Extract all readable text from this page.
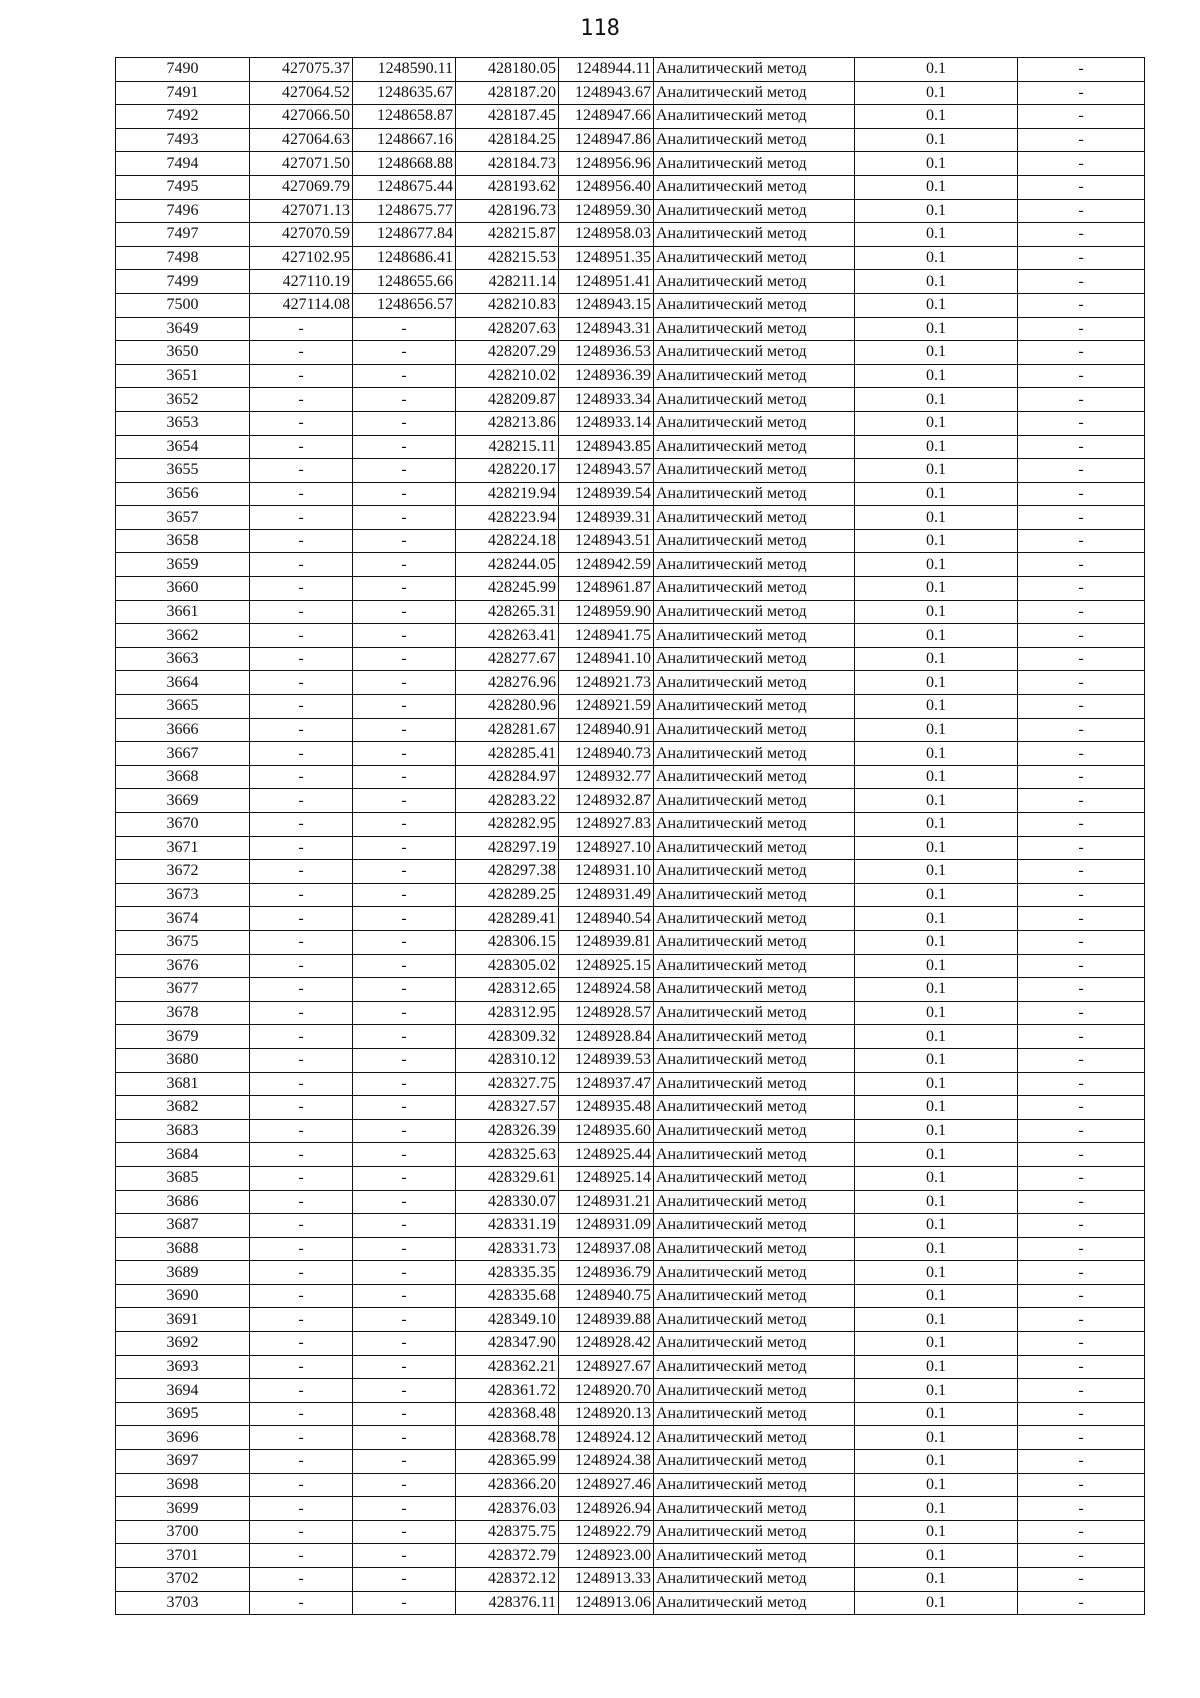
118
7490	427075.37	1248590.11	428180.05	1248944.11	Аналитический метод	0.1	-
7491	427064.52	1248635.67	428187.20	1248943.67	Аналитический метод	0.1	-
7492	427066.50	1248658.87	428187.45	1248947.66	Аналитический метод	0.1	-
7493	427064.63	1248667.16	428184.25	1248947.86	Аналитический метод	0.1	-
7494	427071.50	1248668.88	428184.73	1248956.96	Аналитический метод	0.1	-
7495	427069.79	1248675.44	428193.62	1248956.40	Аналитический метод	0.1	-
7496	427071.13	1248675.77	428196.73	1248959.30	Аналитический метод	0.1	-
7497	427070.59	1248677.84	428215.87	1248958.03	Аналитический метод	0.1	-
7498	427102.95	1248686.41	428215.53	1248951.35	Аналитический метод	0.1	-
7499	427110.19	1248655.66	428211.14	1248951.41	Аналитический метод	0.1	-
7500	427114.08	1248656.57	428210.83	1248943.15	Аналитический метод	0.1	-
3649	-	-	428207.63	1248943.31	Аналитический метод	0.1	-
3650	-	-	428207.29	1248936.53	Аналитический метод	0.1	-
3651	-	-	428210.02	1248936.39	Аналитический метод	0.1	-
3652	-	-	428209.87	1248933.34	Аналитический метод	0.1	-
3653	-	-	428213.86	1248933.14	Аналитический метод	0.1	-
3654	-	-	428215.11	1248943.85	Аналитический метод	0.1	-
3655	-	-	428220.17	1248943.57	Аналитический метод	0.1	-
3656	-	-	428219.94	1248939.54	Аналитический метод	0.1	-
3657	-	-	428223.94	1248939.31	Аналитический метод	0.1	-
3658	-	-	428224.18	1248943.51	Аналитический метод	0.1	-
3659	-	-	428244.05	1248942.59	Аналитический метод	0.1	-
3660	-	-	428245.99	1248961.87	Аналитический метод	0.1	-
3661	-	-	428265.31	1248959.90	Аналитический метод	0.1	-
3662	-	-	428263.41	1248941.75	Аналитический метод	0.1	-
3663	-	-	428277.67	1248941.10	Аналитический метод	0.1	-
3664	-	-	428276.96	1248921.73	Аналитический метод	0.1	-
3665	-	-	428280.96	1248921.59	Аналитический метод	0.1	-
3666	-	-	428281.67	1248940.91	Аналитический метод	0.1	-
3667	-	-	428285.41	1248940.73	Аналитический метод	0.1	-
3668	-	-	428284.97	1248932.77	Аналитический метод	0.1	-
3669	-	-	428283.22	1248932.87	Аналитический метод	0.1	-
3670	-	-	428282.95	1248927.83	Аналитический метод	0.1	-
3671	-	-	428297.19	1248927.10	Аналитический метод	0.1	-
3672	-	-	428297.38	1248931.10	Аналитический метод	0.1	-
3673	-	-	428289.25	1248931.49	Аналитический метод	0.1	-
3674	-	-	428289.41	1248940.54	Аналитический метод	0.1	-
3675	-	-	428306.15	1248939.81	Аналитический метод	0.1	-
3676	-	-	428305.02	1248925.15	Аналитический метод	0.1	-
3677	-	-	428312.65	1248924.58	Аналитический метод	0.1	-
3678	-	-	428312.95	1248928.57	Аналитический метод	0.1	-
3679	-	-	428309.32	1248928.84	Аналитический метод	0.1	-
3680	-	-	428310.12	1248939.53	Аналитический метод	0.1	-
3681	-	-	428327.75	1248937.47	Аналитический метод	0.1	-
3682	-	-	428327.57	1248935.48	Аналитический метод	0.1	-
3683	-	-	428326.39	1248935.60	Аналитический метод	0.1	-
3684	-	-	428325.63	1248925.44	Аналитический метод	0.1	-
3685	-	-	428329.61	1248925.14	Аналитический метод	0.1	-
3686	-	-	428330.07	1248931.21	Аналитический метод	0.1	-
3687	-	-	428331.19	1248931.09	Аналитический метод	0.1	-
3688	-	-	428331.73	1248937.08	Аналитический метод	0.1	-
3689	-	-	428335.35	1248936.79	Аналитический метод	0.1	-
3690	-	-	428335.68	1248940.75	Аналитический метод	0.1	-
3691	-	-	428349.10	1248939.88	Аналитический метод	0.1	-
3692	-	-	428347.90	1248928.42	Аналитический метод	0.1	-
3693	-	-	428362.21	1248927.67	Аналитический метод	0.1	-
3694	-	-	428361.72	1248920.70	Аналитический метод	0.1	-
3695	-	-	428368.48	1248920.13	Аналитический метод	0.1	-
3696	-	-	428368.78	1248924.12	Аналитический метод	0.1	-
3697	-	-	428365.99	1248924.38	Аналитический метод	0.1	-
3698	-	-	428366.20	1248927.46	Аналитический метод	0.1	-
3699	-	-	428376.03	1248926.94	Аналитический метод	0.1	-
3700	-	-	428375.75	1248922.79	Аналитический метод	0.1	-
3701	-	-	428372.79	1248923.00	Аналитический метод	0.1	-
3702	-	-	428372.12	1248913.33	Аналитический метод	0.1	-
3703	-	-	428376.11	1248913.06	Аналитический метод	0.1	-
